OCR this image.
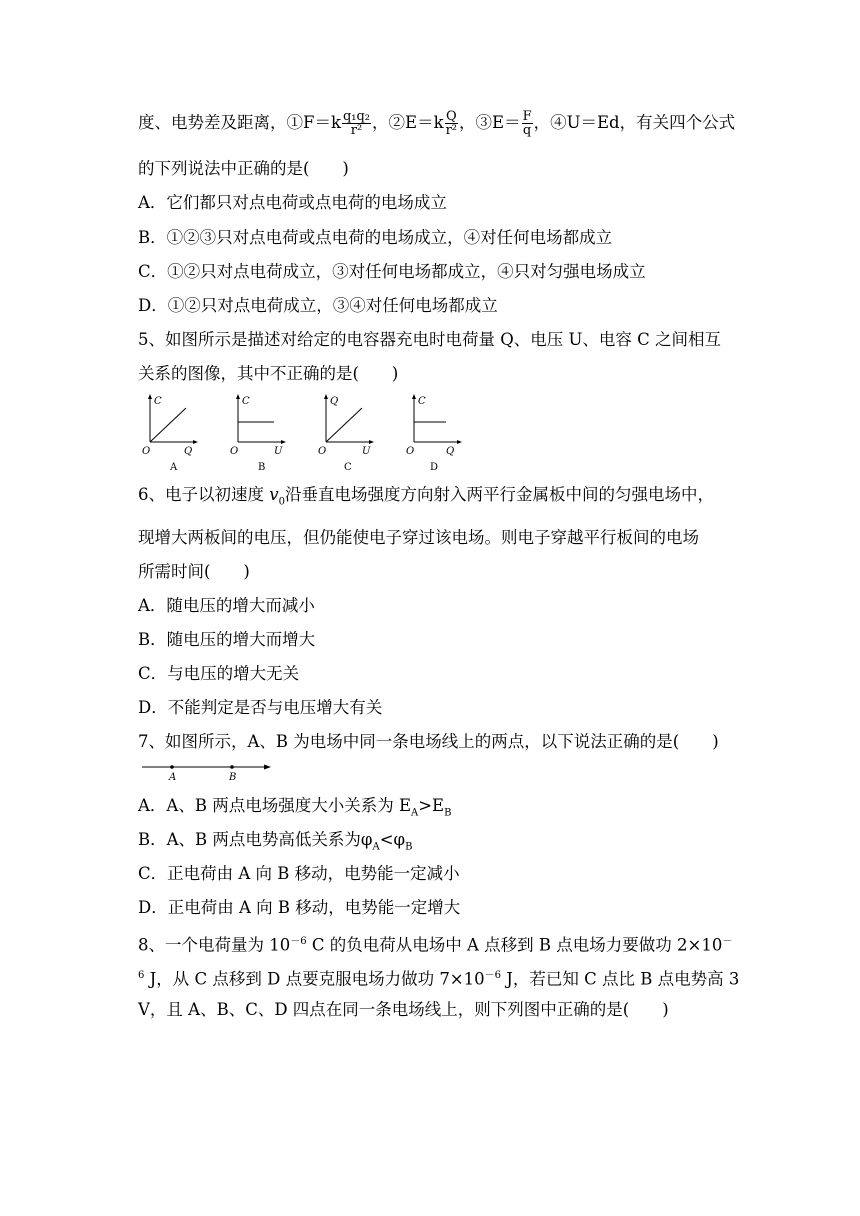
度、电势差及距离，①F＝k $\frac{\text{q₁q₂}}{\text{r²}}$ ，②E＝k $\frac{Q}{\text{r²}}$ ，③E＝ $\frac{F}{q}$ ，④U＝Ed，有关四个公式
的下列说法中正确的是(　　)
A．它们都只对点电荷或点电荷的电场成立
B．①②③只对点电荷或点电荷的电场成立，④对任何电场都成立
C．①②只对点电荷成立，③对任何电场都成立，④只对匀强电场成立
D．①②只对点电荷成立，③④对任何电场都成立
5、如图所示是描述对给定的电容器充电时电荷量 Q、电压 U、电容 C 之间相互
关系的图像，其中不正确的是(　　)
C
O	Q
A
C
O	U
B
Q
O	U
C
C
O	Q
D
6、电子以初速度 $v_0$沿垂直电场强度方向射入两平行金属板中间的匀强电场中，
现增大两板间的电压，但仍能使电子穿过该电场。则电子穿越平行板间的电场
所需时间(　　)
A．随电压的增大而减小
B．随电压的增大而增大
C．与电压的增大无关
D．不能判定是否与电压增大有关
7、如图所示，A、B 为电场中同一条电场线上的两点，以下说法正确的是(　　)
A	B
A．A、B 两点电场强度大小关系为 $E_A>E_B$
B．A、B 两点电势高低关系为$\varphi_A<\varphi_B$
C．正电荷由 A 向 B 移动，电势能一定减小
D．正电荷由 A 向 B 移动，电势能一定增大
8、一个电荷量为 $10^{-6}$ C 的负电荷从电场中 A 点移到 B 点电场力要做功 2×10－
$^6$ J，从 C 点移到 D 点要克服电场力做功 $7\times 10^{-6}$ J，若已知 C 点比 B 点电势高 3
V，且 A、B、C、D 四点在同一条电场线上，则下列图中正确的是(　　)
